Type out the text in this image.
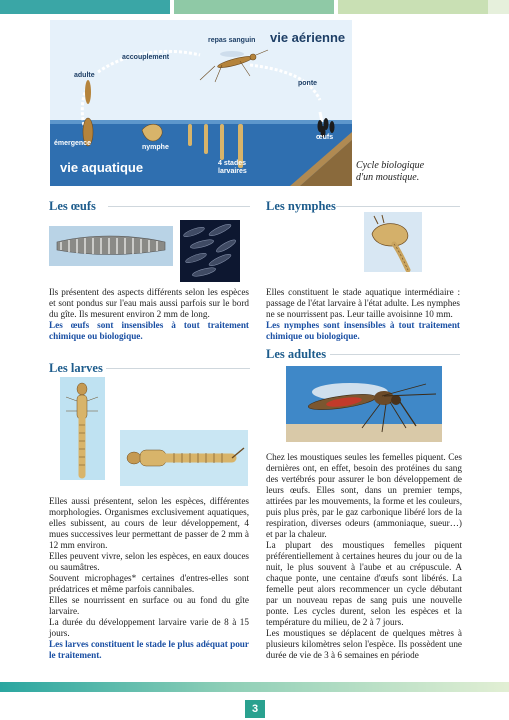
vie aérienne
vie aquatique
repas sanguin
accouplement
adulte
ponte
émergence
nymphe
œufs
4 stades
larvaires
Cycle biologique
d'un moustique.
Les œufs

Ils présentent des aspects différents selon les espèces et sont pondus sur l'eau mais aussi parfois sur le bord du gîte. Ils mesurent environ 2 mm de long.

Les œufs sont insensibles à tout traitement chimique ou biologique.

Les nymphes

Elles constituent le stade aquatique intermédiaire : passage de l'état larvaire à l'état adulte. Les nymphes ne se nourrissent pas. Leur taille avoisinne 10 mm.

Les nymphes sont insensibles à tout traitement chimique ou biologique.

Les larves

Elles aussi présentent, selon les espèces, différentes morphologies. Organismes exclusivement aquatiques, elles subissent, au cours de leur développement, 4 mues successives leur permettant de passer de 2 mm à 12 mm environ.

Elles peuvent vivre, selon les espèces, en eaux douces ou saumâtres.

Souvent microphages* certaines d'entres-elles sont prédatrices et même parfois cannibales.

Elles se nourrissent en surface ou au fond du gîte larvaire.

La durée du développement larvaire varie de 8 à 15 jours.

Les larves constituent le stade le plus adéquat pour le traitement.

Les adultes

Chez les moustiques seules les femelles piquent. Ces dernières ont, en effet, besoin des protéines du sang des vertébrés pour assurer le bon développement de leurs œufs. Elles sont, dans un premier temps, attirées par les mouvements, la forme et les couleurs, puis plus près, par le gaz carbonique libéré lors de la respiration, diverses odeurs (ammoniaque, sueur…) et par la chaleur.

La plupart des moustiques femelles piquent préférentiellement à certaines heures du jour ou de la nuit, le plus souvent à l'aube et au crépuscule. A chaque ponte, une centaine d'œufs sont libérés. La femelle peut alors recommencer un cycle débutant par un nouveau repas de sang puis une nouvelle ponte. Les cycles durent, selon les espèces et la température du milieu, de 2 à 7 jours.

Les moustiques se déplacent de quelques mètres à plusieurs kilomètres selon l'espèce. Ils possèdent une durée de vie de 3 à 6 semaines en période

3
